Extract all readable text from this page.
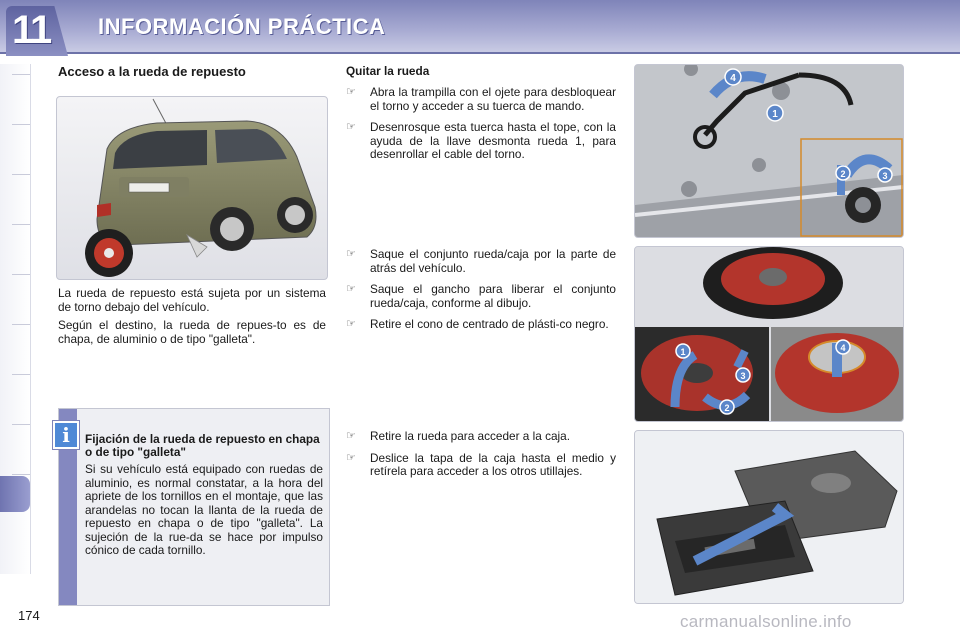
11 INFORMACIÓN PRÁCTICA
Acceso a la rueda de repuesto
La rueda de repuesto está sujeta por un sistema de torno debajo del vehículo.
Según el destino, la rueda de repues-to es de chapa, de aluminio o de tipo "galleta".
i	Fijación de la rueda de repuesto en chapa o de tipo "galleta"
Si su vehículo está equipado con ruedas de aluminio, es normal constatar, a la hora del apriete de los tornillos en el montaje, que las arandelas no tocan la llanta de la rueda de repuesto en chapa o de tipo "galleta". La sujeción de la rue-da se hace por impulso cónico de cada tornillo.
174
Quitar la rueda
☞ Abra la trampilla con el ojete para desbloquear el torno y acceder a su tuerca de mando.
☞ Desenrosque esta tuerca hasta el tope, con la ayuda de la llave desmonta rueda 1, para desenrollar el cable del torno.
☞ Saque el conjunto rueda/caja por la parte de atrás del vehículo.
☞ Saque el gancho para liberar el conjunto rueda/caja, conforme al dibujo.
☞ Retire el cono de centrado de plásti-co negro.
☞ Retire la rueda para acceder a la caja.
☞ Deslice la tapa de la caja hasta el medio y retírela para acceder a los otros utillajes.
4
1
2	3
1
2
3
4
carmanualsonline.info
